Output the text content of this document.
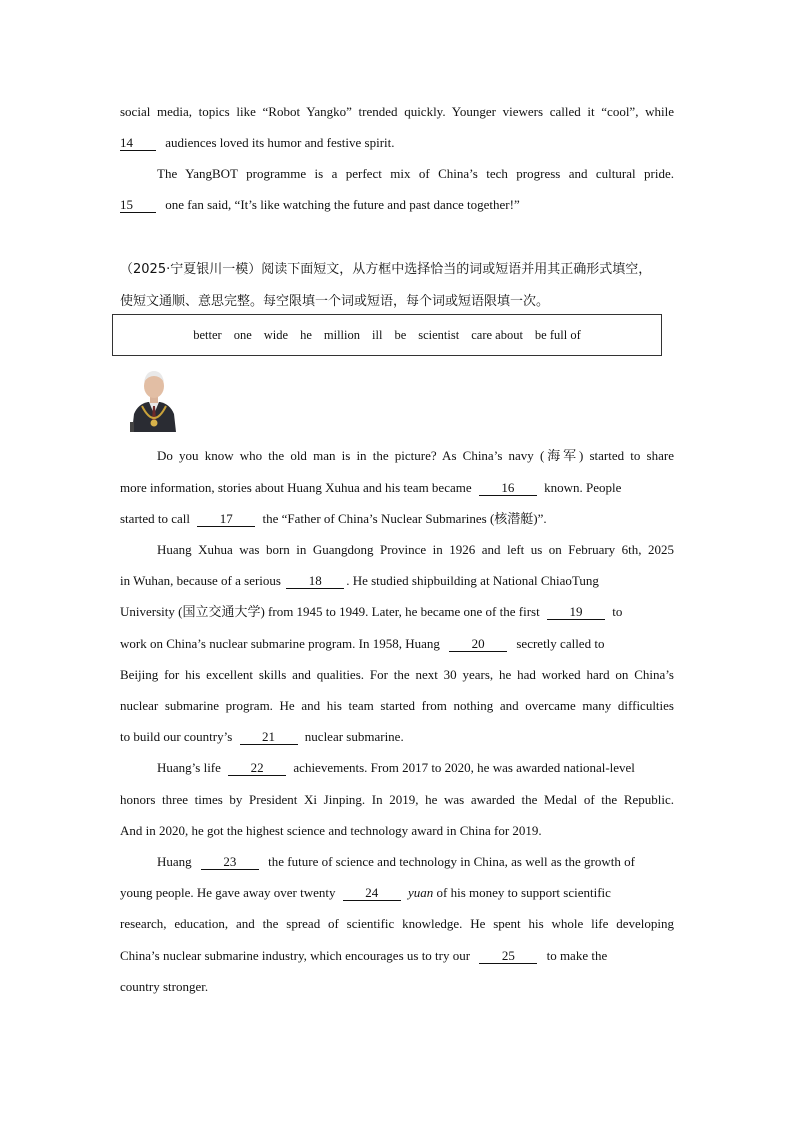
social media, topics like “Robot Yangko” trended quickly. Younger viewers called it “cool”, while
14 audiences loved its humor and festive spirit.
The YangBOT programme is a perfect mix of China’s tech progress and cultural pride.
15 one fan said, “It’s like watching the future and past dance together!”
（2025·宁夏银川一模）阅读下面短文，从方框中选择恰当的词或短语并用其正确形式填空，
使短文通顺、意思完整。每空限填一个词或短语，每个词或短语限填一次。
better one wide he million ill be scientist care about be full of
Do you know who the old man is in the picture? As China’s navy (海军) started to share
more information, stories about Huang Xuhua and his team became 16 known. People
started to call 17 the “Father of China’s Nuclear Submarines (核潜艇)”.
Huang Xuhua was born in Guangdong Province in 1926 and left us on February 6th, 2025
in Wuhan, because of a serious 18 . He studied shipbuilding at National ChiaoTung
University (国立交通大学) from 1945 to 1949. Later, he became one of the first 19 to
work on China’s nuclear submarine program. In 1958, Huang 20 secretly called to
Beijing for his excellent skills and qualities. For the next 30 years, he had worked hard on China’s
nuclear submarine program. He and his team started from nothing and overcame many difficulties
to build our country’s 21 nuclear submarine.
Huang’s life 22 achievements. From 2017 to 2020, he was awarded national-level
honors three times by President Xi Jinping. In 2019, he was awarded the Medal of the Republic.
And in 2020, he got the highest science and technology award in China for 2019.
Huang 23 the future of science and technology in China, as well as the growth of
young people. He gave away over twenty 24 yuan of his money to support scientific
research, education, and the spread of scientific knowledge. He spent his whole life developing
China’s nuclear submarine industry, which encourages us to try our 25 to make the
country stronger.
